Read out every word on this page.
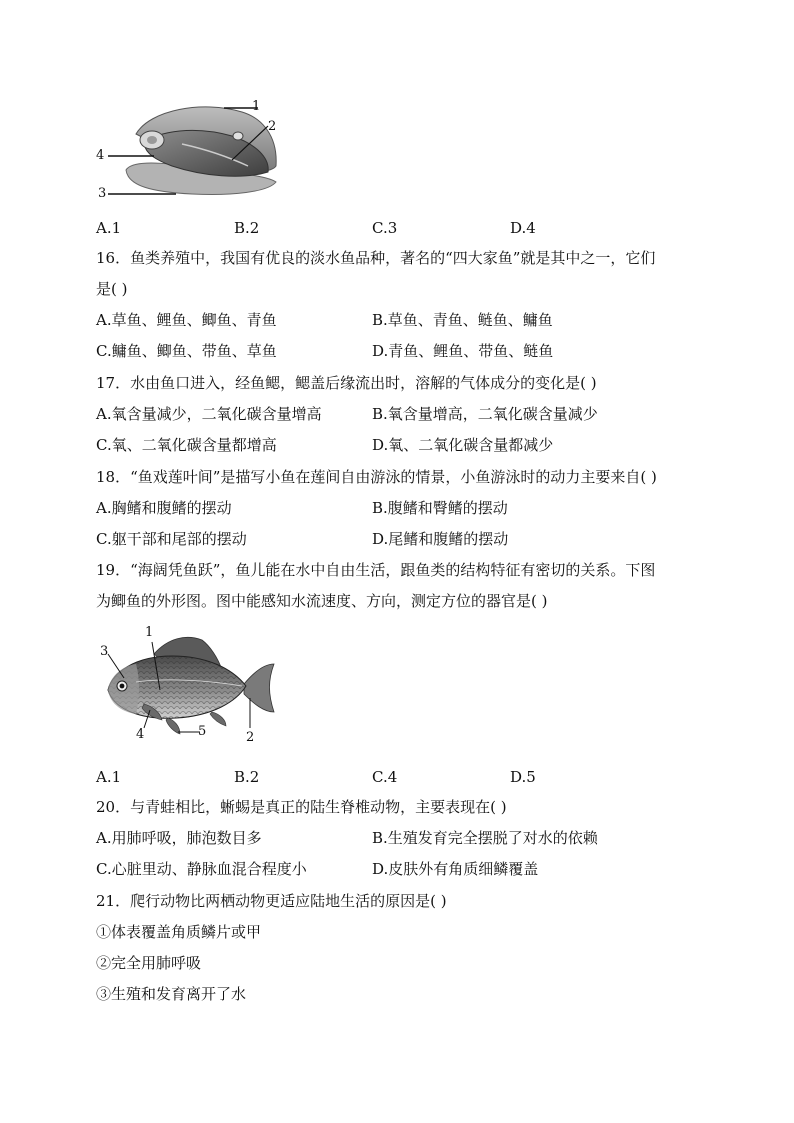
1
2
4
3
A.1	B.2	C.3	D.4
16．鱼类养殖中，我国有优良的淡水鱼品种，著名的“四大家鱼”就是其中之一，它们
是( )
A.草鱼、鲤鱼、鲫鱼、青鱼	B.草鱼、青鱼、鲢鱼、鳙鱼
C.鳙鱼、鲫鱼、带鱼、草鱼	D.青鱼、鲤鱼、带鱼、鲢鱼
17．水由鱼口进入，经鱼鳃，鳃盖后缘流出时，溶解的气体成分的变化是( )
A.氧含量减少，二氧化碳含量增高	B.氧含量增高，二氧化碳含量减少
C.氧、二氧化碳含量都增高	D.氧、二氧化碳含量都减少
18．“鱼戏莲叶间”是描写小鱼在莲间自由游泳的情景，小鱼游泳时的动力主要来自( )
A.胸鳍和腹鳍的摆动	B.腹鳍和臀鳍的摆动
C.躯干部和尾部的摆动	D.尾鳍和腹鳍的摆动
19．“海阔凭鱼跃”，鱼儿能在水中自由生活，跟鱼类的结构特征有密切的关系。下图
为鲫鱼的外形图。图中能感知水流速度、方向，测定方位的器官是( )
1
3
4	5	2
A.1	B.2	C.4	D.5
20．与青蛙相比，蜥蜴是真正的陆生脊椎动物，主要表现在( )
A.用肺呼吸，肺泡数目多	B.生殖发育完全摆脱了对水的依赖
C.心脏里动、静脉血混合程度小	D.皮肤外有角质细鳞覆盖
21．爬行动物比两栖动物更适应陆地生活的原因是( )
①体表覆盖角质鳞片或甲
②完全用肺呼吸
③生殖和发育离开了水
